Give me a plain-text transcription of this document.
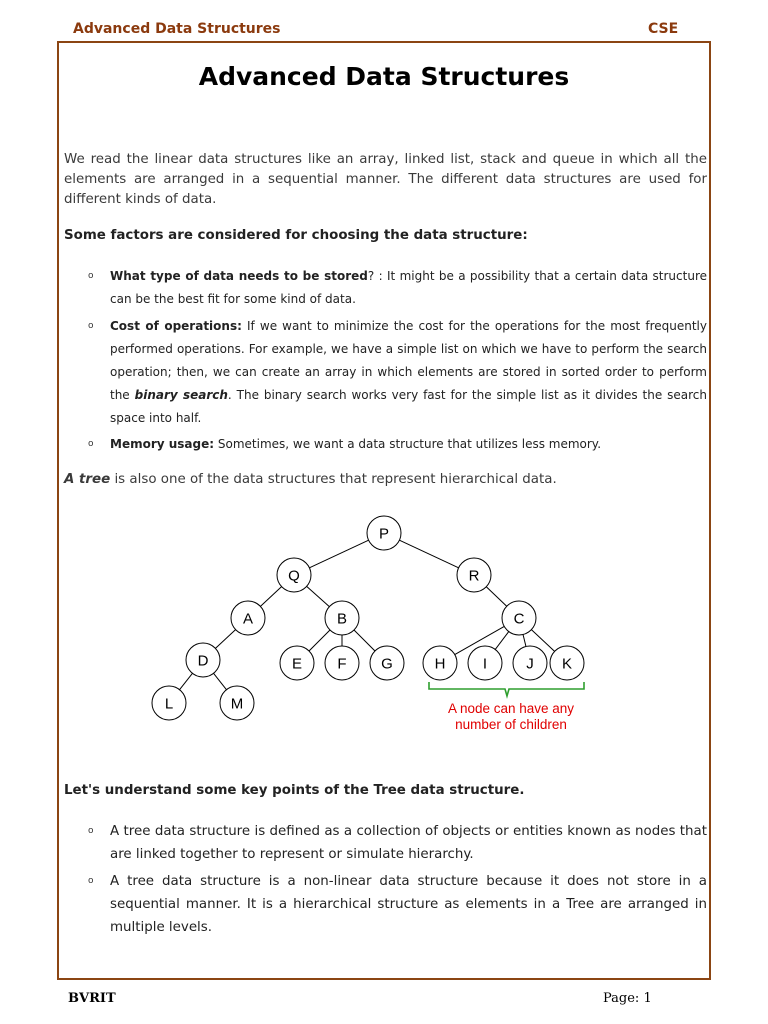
Advanced Data Structures	CSE
Advanced Data Structures
We read the linear data structures like an array, linked list, stack and queue in which all the elements are arranged in a sequential manner. The different data structures are used for different kinds of data.
Some factors are considered for choosing the data structure:
o What type of data needs to be stored? : It might be a possibility that a certain data structure can be the best fit for some kind of data.
o Cost of operations: If we want to minimize the cost for the operations for the most frequently performed operations. For example, we have a simple list on which we have to perform the search operation; then, we can create an array in which elements are stored in sorted order to perform the binary search. The binary search works very fast for the simple list as it divides the search space into half.
o Memory usage: Sometimes, we want a data structure that utilizes less memory.
A tree is also one of the data structures that represent hierarchical data.
P
Q	R
A	B	C
D	E F G	H I	J K
L	M	A node can have any
number of children
Let's understand some key points of the Tree data structure.
o A tree data structure is defined as a collection of objects or entities known as nodes that are linked together to represent or simulate hierarchy.
o A tree data structure is a non-linear data structure because it does not store in a sequential manner. It is a hierarchical structure as elements in a Tree are arranged in multiple levels.
BVRIT	Page: 1
